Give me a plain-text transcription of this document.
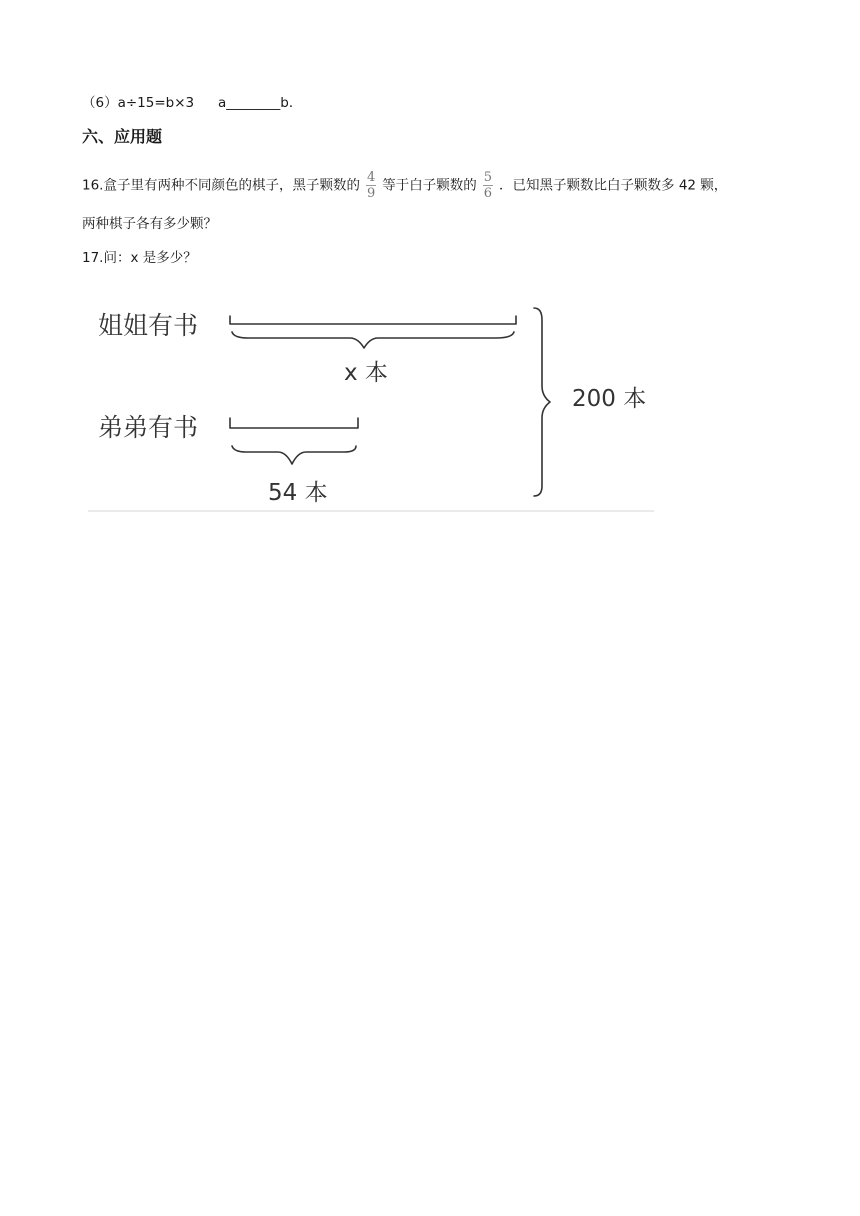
（6）a÷15=b×3 a________b．
六、应用题
16.盒子里有两种不同颜色的棋子，黑子颗数的 $\frac{4}{9}$ 等于白子颗数的 $\frac{5}{6}$ ．已知黑子颗数比白子颗数多 42 颗，
两种棋子各有多少颗？
17.问：x 是多少？
姐姐有书
弟弟有书
x 本
54 本
200 本
